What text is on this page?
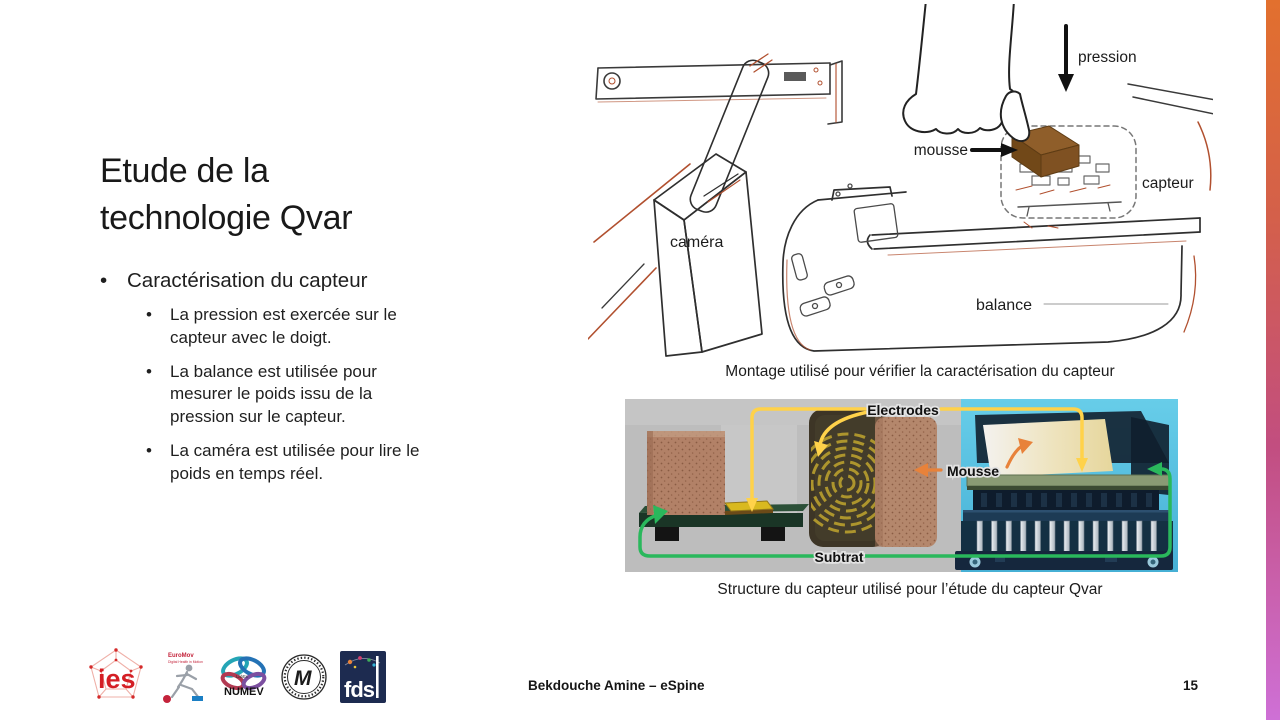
Etude de la
technologie Qvar
• Caractérisation du capteur
•	La pression est exercée sur le capteur avec le doigt.
•	La balance est utilisée pour mesurer le poids issu de la pression sur le capteur.
•	La caméra est utilisée pour lire le poids en temps réel.
mousse
pression
capteur
caméra
balance
Montage utilisé pour vérifier la caractérisation du capteur
Electrodes
Mousse
Subtrat
Structure du capteur utilisé pour l’étude du capteur Qvar
ies
EuroMov
Digital Health in Motion
LabEx
NUMEV
M fds	Bekdouche Amine – eSpine	15
